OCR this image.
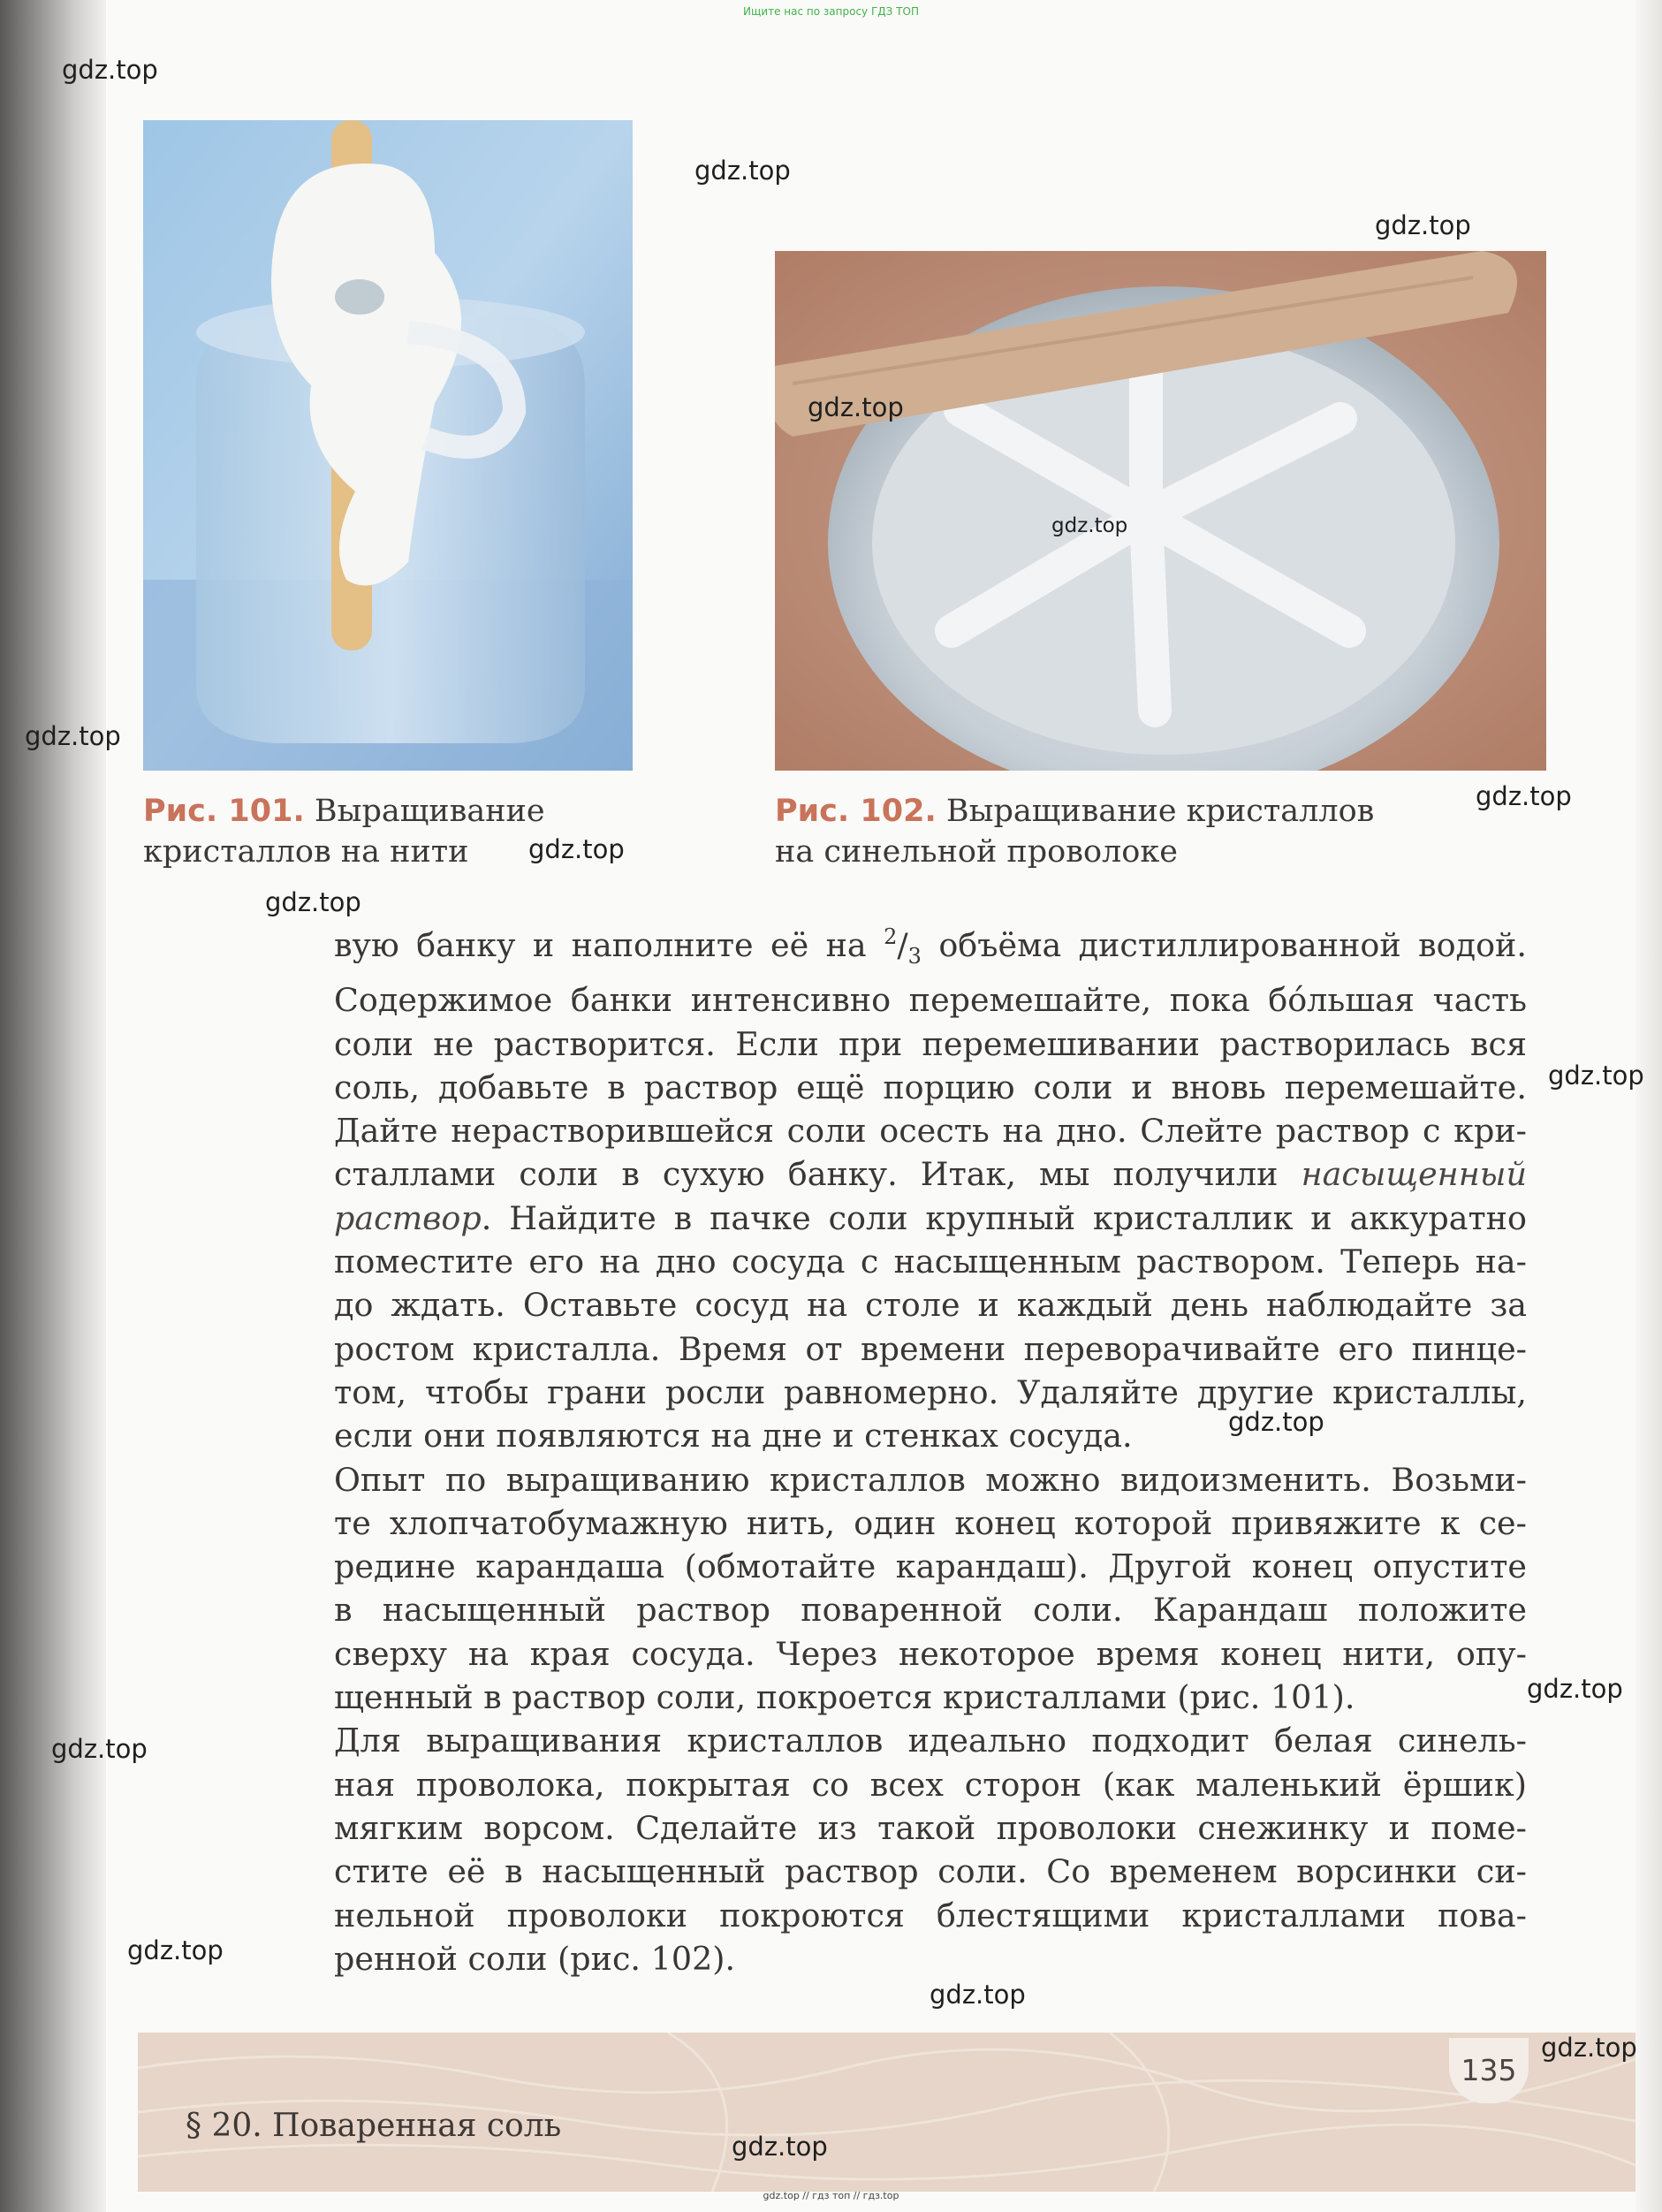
Ищите нас по запросу ГДЗ ТОП
Рис. 101. Выращивание
кристаллов на нити
Рис. 102. Выращивание кристаллов
на синельной проволоке

вую банку и наполните её на $^2/_3$ объёма дистиллированной водой.
Содержимое банки интенсивно перемешайте, пока бóльшая часть
соли не растворится. Если при перемешивании растворилась вся
соль, добавьте в раствор ещё порцию соли и вновь перемешайте.
Дайте нерастворившейся соли осесть на дно. Слейте раствор с кри-
сталлами соли в сухую банку. Итак, мы получили насыщенный
раствор. Найдите в пачке соли крупный кристаллик и аккуратно
поместите его на дно сосуда с насыщенным раствором. Теперь на-
до ждать. Оставьте сосуд на столе и каждый день наблюдайте за
ростом кристалла. Время от времени переворачивайте его пинце-
том, чтобы грани росли равномерно. Удаляйте другие кристаллы,
если они появляются на дне и стенках сосуда.

Опыт по выращиванию кристаллов можно видоизменить. Возьми-
те хлопчатобумажную нить, один конец которой привяжите к се-
редине карандаша (обмотайте карандаш). Другой конец опустите
в насыщенный раствор поваренной соли. Карандаш положите
сверху на края сосуда. Через некоторое время конец нити, опу-
щенный в раствор соли, покроется кристаллами (рис. 101).

Для выращивания кристаллов идеально подходит белая синель-
ная проволока, покрытая со всех сторон (как маленький ёршик)
мягким ворсом. Сделайте из такой проволоки снежинку и поме-
стите её в насыщенный раствор соли. Со временем ворсинки си-
нельной проволоки покроются блестящими кристаллами пова-
ренной соли (рис. 102).

135
§ 20. Поваренная соль
gdz.top
gdz.top
gdz.top
gdz.top
gdz.top
gdz.top
gdz.top
gdz.top
gdz.top
gdz.top
gdz.top
gdz.top
gdz.top
gdz.top
gdz.top
gdz.top
gdz.top
gdz.top // гдз топ // гдз.top
